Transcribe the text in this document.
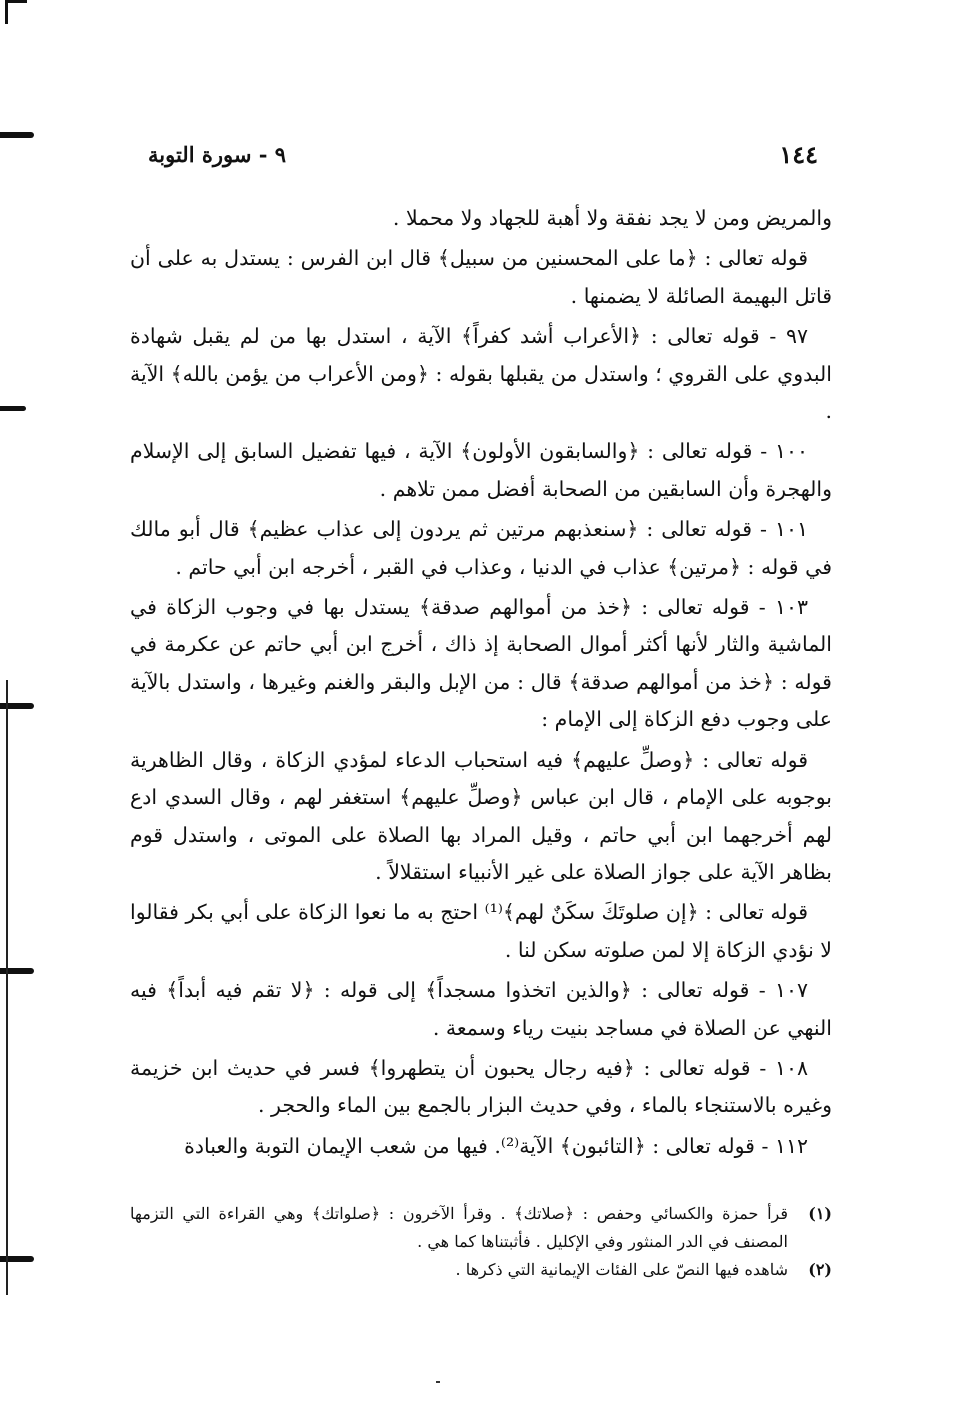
١٤٤
٩ - سورة التوبة

والمريض ومن لا يجد نفقة ولا أهبة للجهاد ولا محملا .

قوله تعالى : ﴿ما على المحسنين من سبيل﴾ قال ابن الفرس : يستدل به على أن قاتل البهيمة الصائلة لا يضمنها .

٩٧ - قوله تعالى : ﴿الأعراب أشد كفراً﴾ الآية ، استدل بها من لم يقبل شهادة البدوي على القروي ؛ واستدل من يقبلها بقوله : ﴿ومن الأعراب من يؤمن بالله﴾ الآية .

١٠٠ - قوله تعالى : ﴿والسابقون الأولون﴾ الآية ، فيها تفضيل السابق إلى الإسلام والهجرة وأن السابقين من الصحابة أفضل ممن تلاهم .

١٠١ - قوله تعالى : ﴿سنعذبهم مرتين ثم يردون إلى عذاب عظيم﴾ قال أبو مالك في قوله : ﴿مرتين﴾ عذاب في الدنيا ، وعذاب في القبر ، أخرجه ابن أبي حاتم .

١٠٣ - قوله تعالى : ﴿خذ من أموالهم صدقة﴾ يستدل بها في وجوب الزكاة في الماشية والثار لأنها أكثر أموال الصحابة إذ ذاك ، أخرج ابن أبي حاتم عن عكرمة في قوله : ﴿خذ من أموالهم صدقة﴾ قال : من الإبل والبقر والغنم وغيرها ، واستدل بالآية على وجوب دفع الزكاة إلى الإمام :

قوله تعالى : ﴿وصلِّ عليهم﴾ فيه استحباب الدعاء لمؤدي الزكاة ، وقال الظاهرية بوجوبه على الإمام ، قال ابن عباس ﴿وصلِّ عليهم﴾ استغفر لهم ، وقال السدي ادع لهم أخرجهما ابن أبي حاتم ، وقيل المراد بها الصلاة على الموتى ، واستدل قوم بظاهر الآية على جواز الصلاة على غير الأنبياء استقلالاً .

قوله تعالى : ﴿إن صلوتَكَ سكَنٌ لهم﴾⁽¹⁾ احتج به ما نعوا الزكاة على أبي بكر فقالوا لا نؤدي الزكاة إلا لمن صلوته سكن لنا .

١٠٧ - قوله تعالى : ﴿والذين اتخذوا مسجداً﴾ إلى قوله : ﴿لا تقم فيه أبداً﴾ فيه النهي عن الصلاة في مساجد بنيت رياء وسمعة .

١٠٨ - قوله تعالى : ﴿فيه رجال يحبون أن يتطهروا﴾ فسر في حديث ابن خزيمة وغيره بالاستنجاء بالماء ، وفي حديث البزار بالجمع بين الماء والحجر .

١١٢ - قوله تعالى : ﴿التائبون﴾ الآية⁽²⁾. فيها من شعب الإيمان التوبة والعبادة

(١)
قرأ حمزة والكسائي وحفص : ﴿صلاتك﴾ . وقرأ الآخرون : ﴿صلواتك﴾ وهي القراءة التي التزمها المصنف في الدر المنثور وفي الإكليل . فأثبتناها كما هي .
(٢)
شاهده فيها النصّ على الفئات الإيمانية التي ذكرها .
